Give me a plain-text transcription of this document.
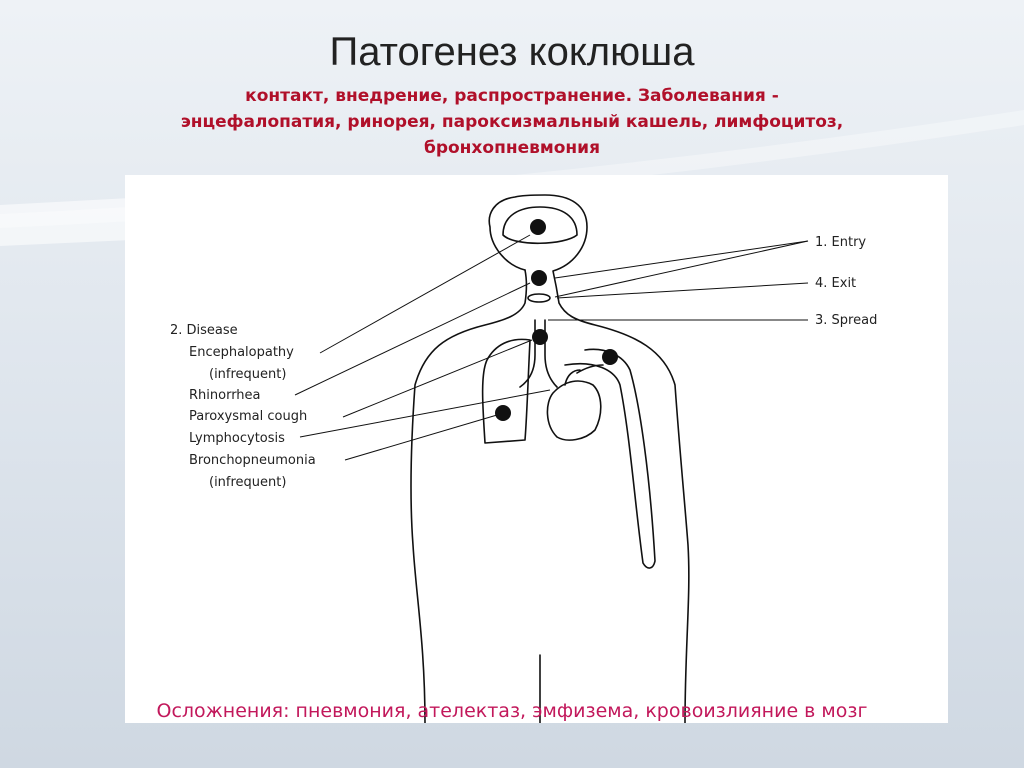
Патогенез коклюша
контакт, внедрение, распространение. Заболевания -
энцефалопатия, ринорея, пароксизмальный кашель, лимфоцитоз,
бронхопневмония
1. Entry
4. Exit
3. Spread
2. Disease
Encephalopathy
(infrequent)
Rhinorrhea
Paroxysmal cough
Lymphocytosis
Bronchopneumonia
(infrequent)

Осложнения: пневмония, ателектаз, эмфизема, кровоизлияние в мозг
